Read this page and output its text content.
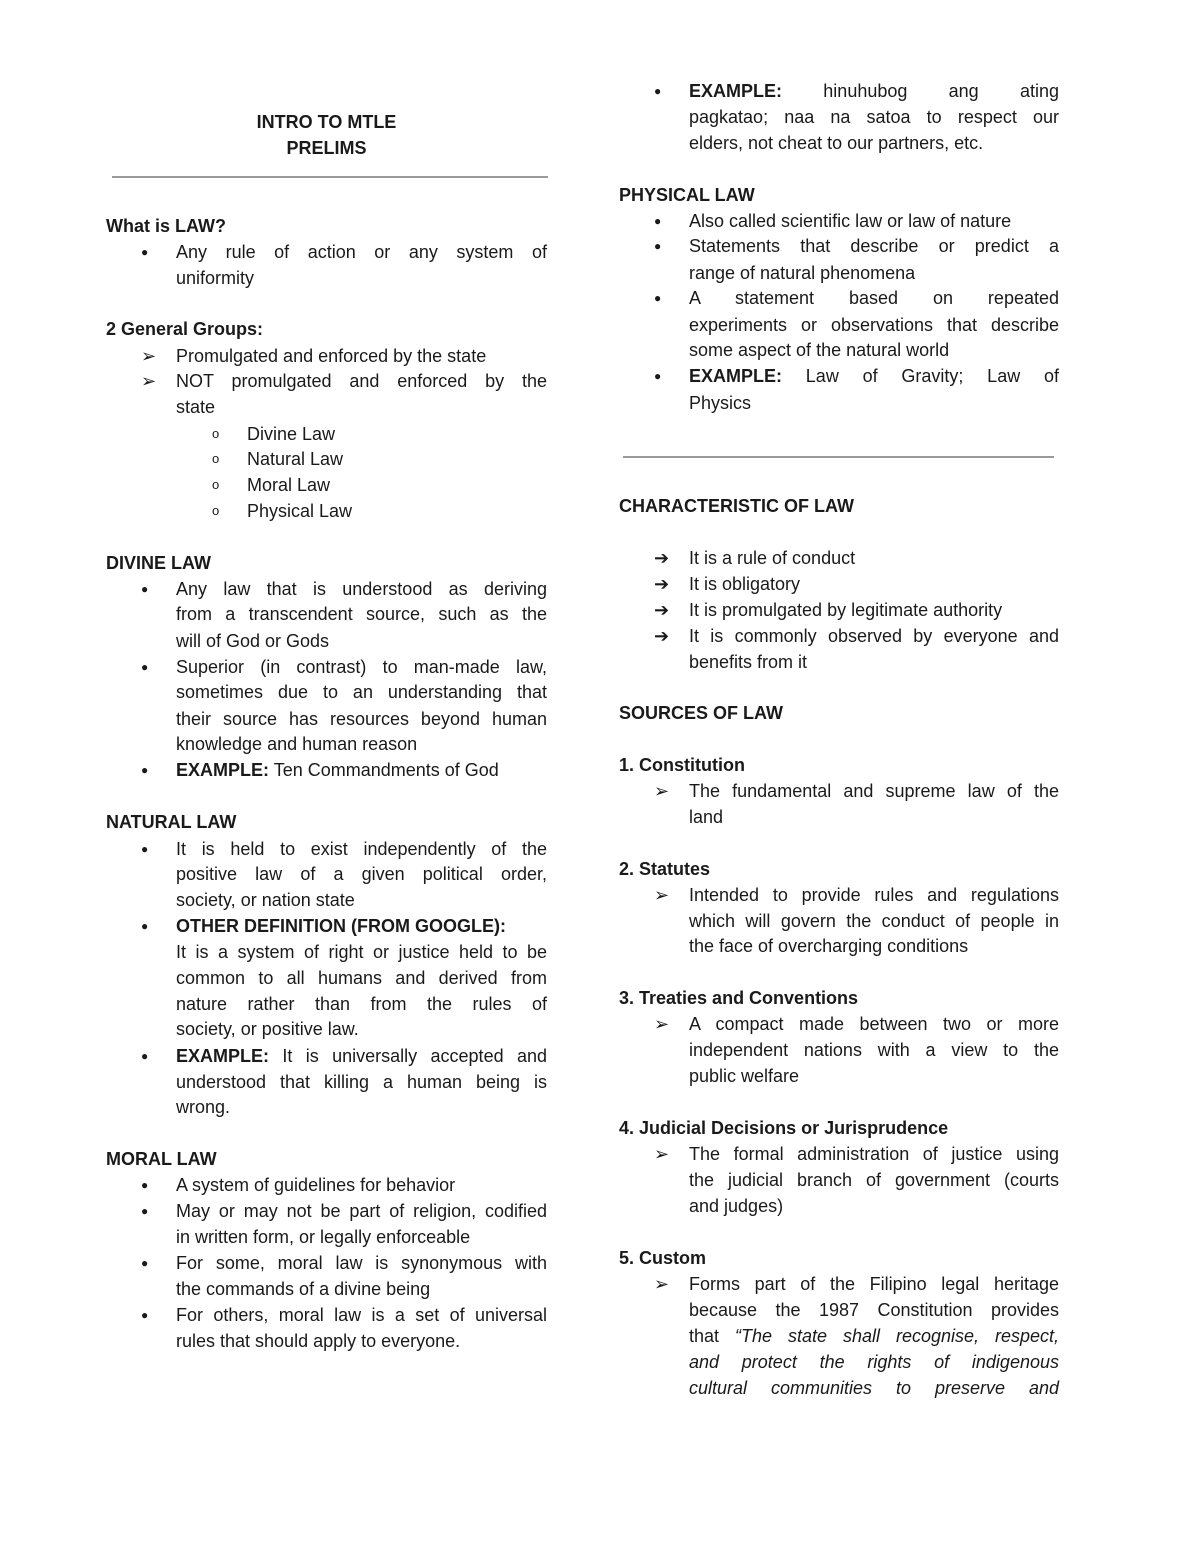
INTRO TO MTLE
PRELIMS
What is LAW?
● Any rule of action or any system of
uniformity
2 General Groups:
➢ Promulgated and enforced by the state
➢ NOT promulgated and enforced by the
state
o Divine Law
o Natural Law
o Moral Law
o Physical Law
DIVINE LAW
● Any law that is understood as deriving
from a transcendent source, such as the
will of God or Gods
● Superior (in contrast) to man-made law,
sometimes due to an understanding that
their source has resources beyond human
knowledge and human reason
● EXAMPLE: Ten Commandments of God
NATURAL LAW
● It is held to exist independently of the
positive law of a given political order,
society, or nation state
● OTHER DEFINITION (FROM GOOGLE):
It is a system of right or justice held to be
common to all humans and derived from
nature rather than from the rules of
society, or positive law.
● EXAMPLE: It is universally accepted and
understood that killing a human being is
wrong.
MORAL LAW
● A system of guidelines for behavior
● May or may not be part of religion, codified
in written form, or legally enforceable
● For some, moral law is synonymous with
the commands of a divine being
● For others, moral law is a set of universal
rules that should apply to everyone.
● EXAMPLE: hinuhubog ang ating
pagkatao; naa na satoa to respect our
elders, not cheat to our partners, etc.
PHYSICAL LAW
● Also called scientific law or law of nature
● Statements that describe or predict a
range of natural phenomena
● A statement based on repeated
experiments or observations that describe
some aspect of the natural world
● EXAMPLE: Law of Gravity; Law of
Physics
CHARACTERISTIC OF LAW
➔ It is a rule of conduct
➔ It is obligatory
➔ It is promulgated by legitimate authority
➔ It is commonly observed by everyone and
benefits from it
SOURCES OF LAW
1. Constitution
➢ The fundamental and supreme law of the
land
2. Statutes
➢ Intended to provide rules and regulations
which will govern the conduct of people in
the face of overcharging conditions
3. Treaties and Conventions
➢ A compact made between two or more
independent nations with a view to the
public welfare
4. Judicial Decisions or Jurisprudence
➢ The formal administration of justice using
the judicial branch of government (courts
and judges)
5. Custom
➢ Forms part of the Filipino legal heritage
because the 1987 Constitution provides
that “The state shall recognise, respect,
and protect the rights of indigenous
cultural communities to preserve and
